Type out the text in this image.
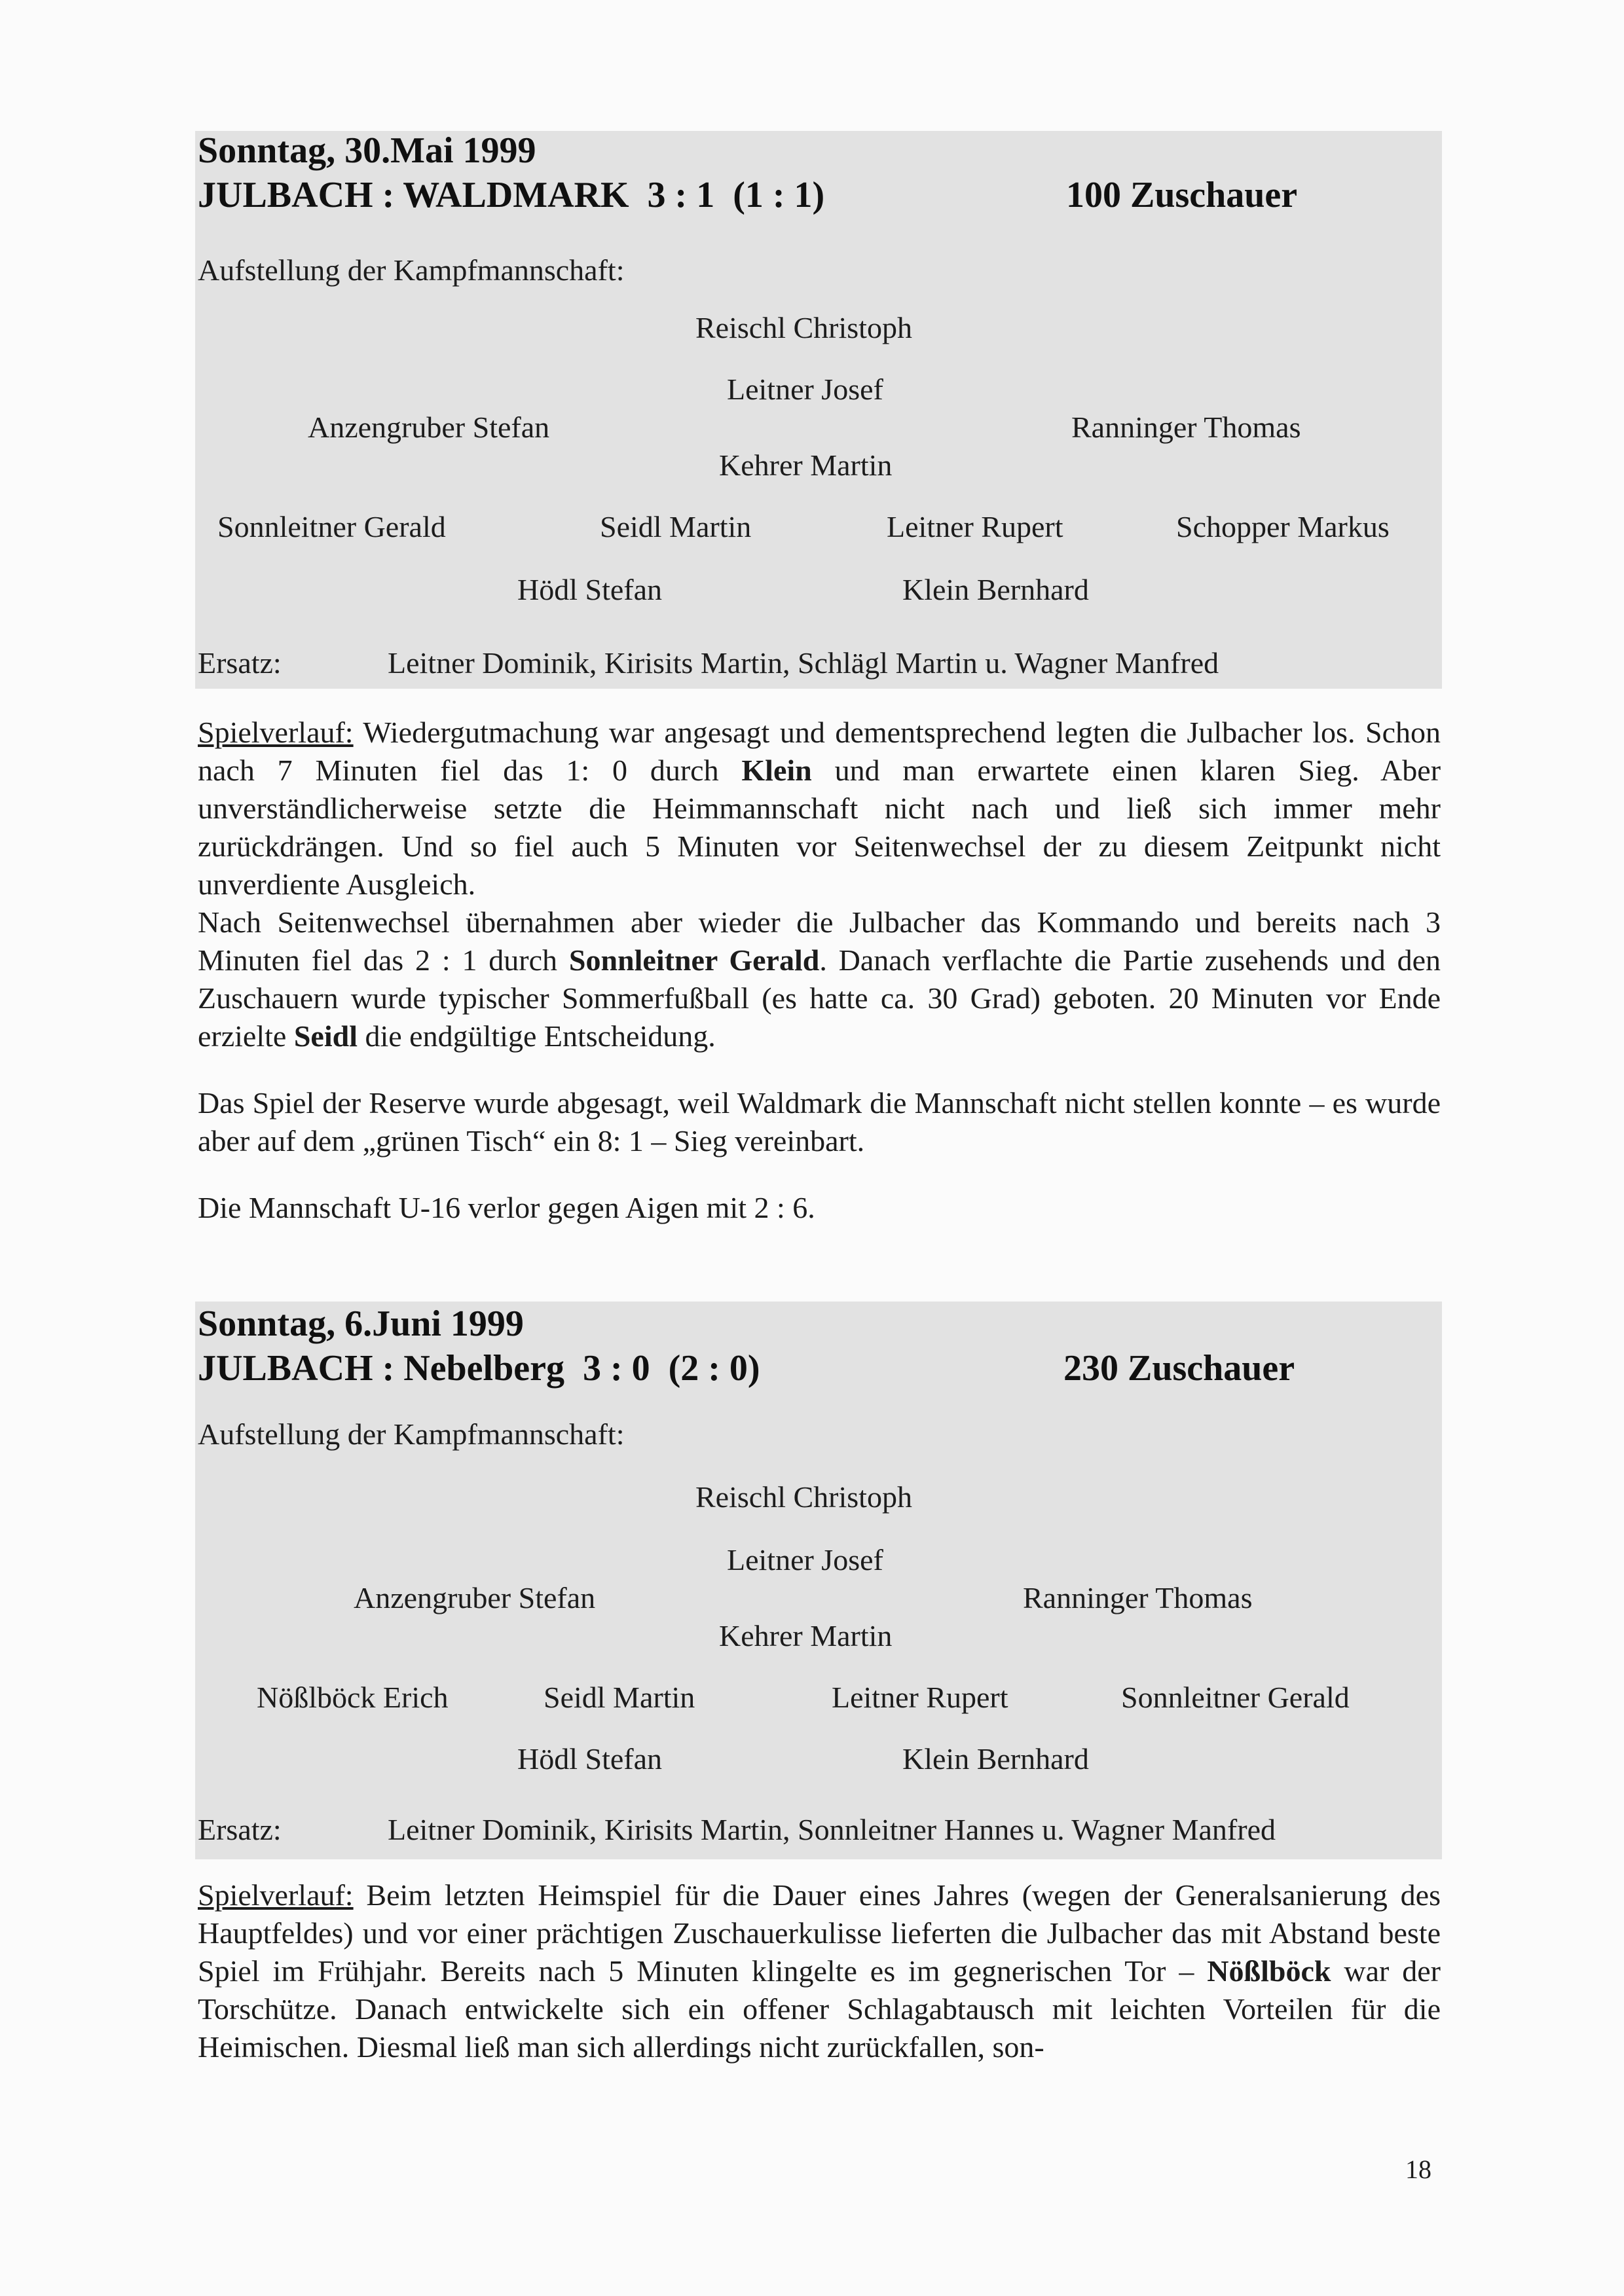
Sonntag, 30.Mai 1999
JULBACH : WALDMARK  3 : 1  (1 : 1)	100 Zuschauer
Aufstellung der Kampfmannschaft:
Reischl Christoph
Leitner Josef
Anzengruber Stefan	Ranninger Thomas
Kehrer Martin
Sonnleitner Gerald	Seidl Martin	Leitner Rupert	Schopper Markus
Hödl Stefan	Klein Bernhard
Ersatz:	Leitner Dominik, Kirisits Martin, Schlägl Martin u. Wagner Manfred
Spielverlauf: Wiedergutmachung war angesagt und dementsprechend legten die Julbacher los. Schon nach 7 Minuten fiel das 1: 0 durch Klein und man erwartete einen klaren Sieg. Aber unverständlicherweise setzte die Heimmannschaft nicht nach und ließ sich immer mehr zurückdrängen. Und so fiel auch 5 Minuten vor Seitenwechsel der zu diesem Zeitpunkt nicht unverdiente Ausgleich.
Nach Seitenwechsel übernahmen aber wieder die Julbacher das Kommando und bereits nach 3 Minuten fiel das 2 : 1 durch Sonnleitner Gerald. Danach verflachte die Partie zusehends und den Zuschauern wurde typischer Sommerfußball (es hatte ca. 30 Grad) geboten. 20 Minuten vor Ende erzielte Seidl die endgültige Entscheidung.
Das Spiel der Reserve wurde abgesagt, weil Waldmark die Mannschaft nicht stellen konnte – es wurde aber auf dem „grünen Tisch“ ein 8: 1 – Sieg vereinbart.
Die Mannschaft U-16 verlor gegen Aigen mit 2 : 6.
Sonntag, 6.Juni 1999
JULBACH : Nebelberg  3 : 0  (2 : 0)	230 Zuschauer
Aufstellung der Kampfmannschaft:
Reischl Christoph
Leitner Josef
Anzengruber Stefan	Ranninger Thomas
Kehrer Martin
Nößlböck Erich	Seidl Martin	Leitner Rupert	Sonnleitner Gerald
Hödl Stefan	Klein Bernhard
Ersatz:	Leitner Dominik, Kirisits Martin, Sonnleitner Hannes u. Wagner Manfred
Spielverlauf: Beim letzten Heimspiel für die Dauer eines Jahres (wegen der Generalsanierung des Hauptfeldes) und vor einer prächtigen Zuschauerkulisse lieferten die Julbacher das mit Abstand beste Spiel im Frühjahr. Bereits nach 5 Minuten klingelte es im gegnerischen Tor – Nößlböck war der Torschütze. Danach entwickelte sich ein offener Schlagabtausch mit leichten Vorteilen für die Heimischen. Diesmal ließ man sich allerdings nicht zurückfallen, son-
18
